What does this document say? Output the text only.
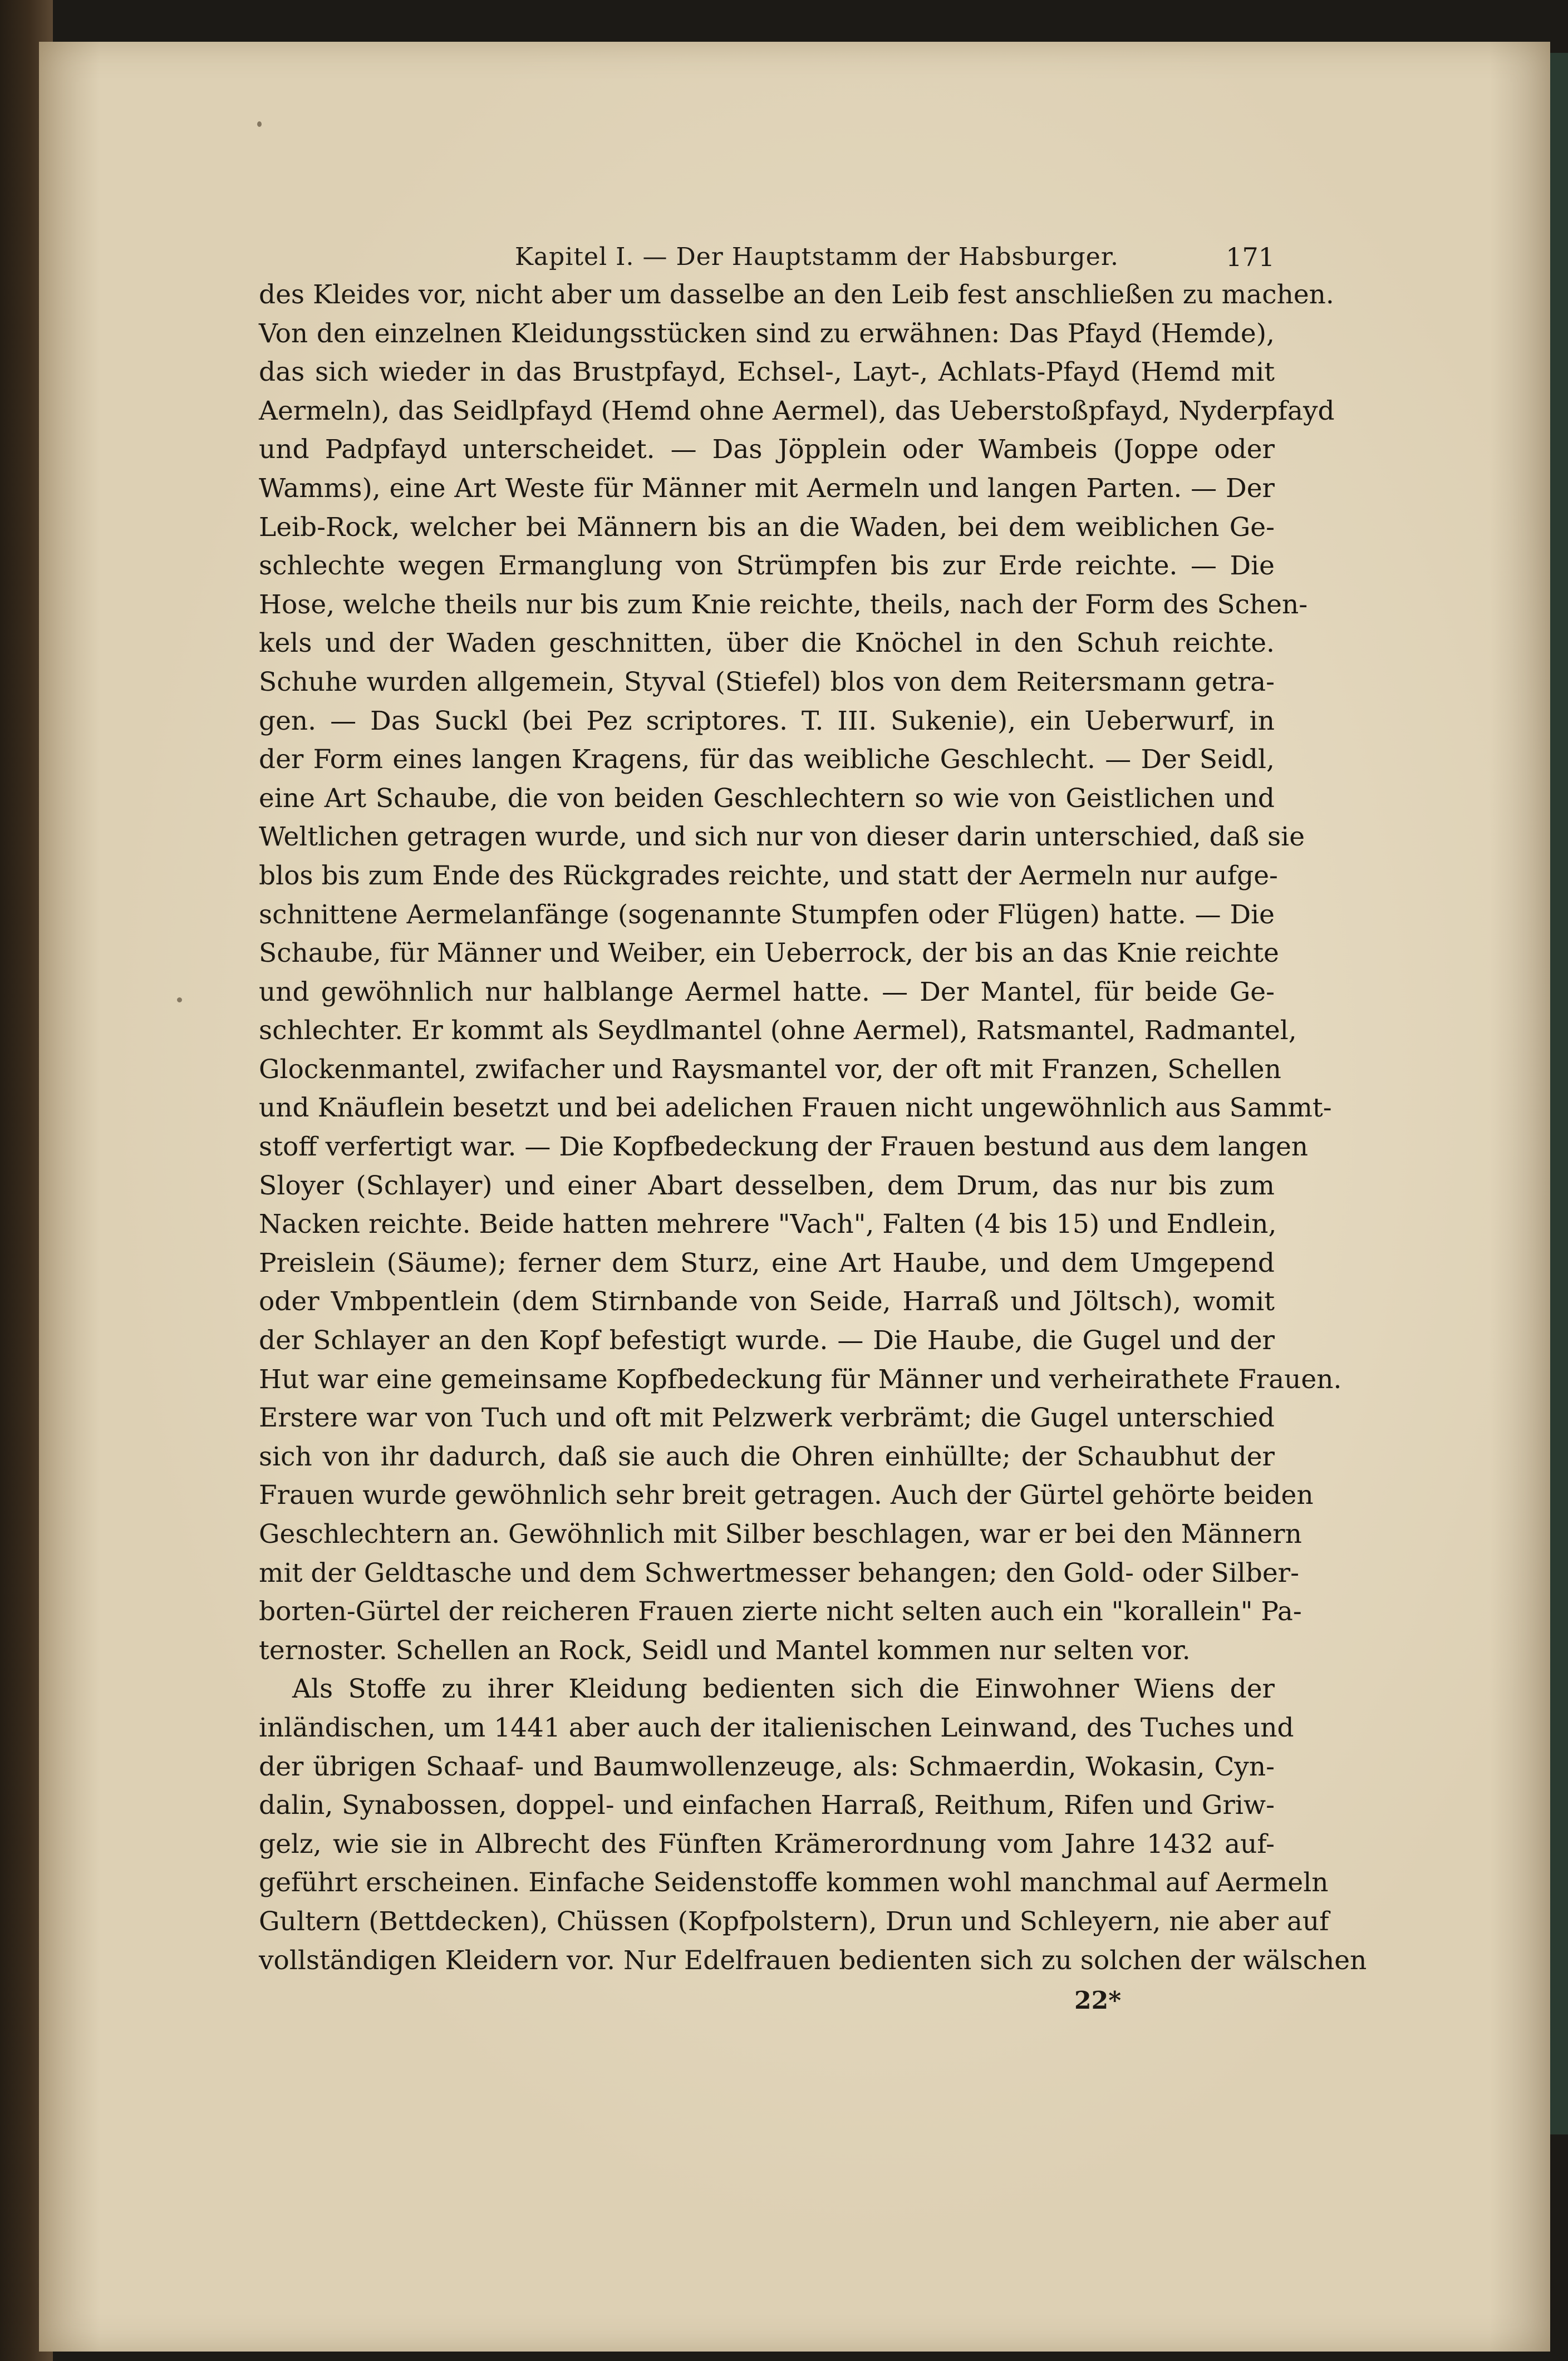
Kapitel I. — Der Hauptstamm der Habsburger.	171
des Kleides vor, nicht aber um dasselbe an den Leib fest anschließen zu machen.
Von den einzelnen Kleidungsstücken sind zu erwähnen: Das Pfayd (Hemde),
das sich wieder in das Brustpfayd, Echsel-, Layt-, Achlats-Pfayd (Hemd mit
Aermeln), das Seidlpfayd (Hemd ohne Aermel), das Ueberstoßpfayd, Nyderpfayd
und Padpfayd unterscheidet. — Das Jöpplein oder Wambeis (Joppe oder
Wamms), eine Art Weste für Männer mit Aermeln und langen Parten. — Der
Leib-Rock, welcher bei Männern bis an die Waden, bei dem weiblichen Ge-
schlechte wegen Ermanglung von Strümpfen bis zur Erde reichte. — Die
Hose, welche theils nur bis zum Knie reichte, theils, nach der Form des Schen-
kels und der Waden geschnitten, über die Knöchel in den Schuh reichte.
Schuhe wurden allgemein, Styval (Stiefel) blos von dem Reitersmann getra-
gen. — Das Suckl (bei Pez scriptores. T. III. Sukenie), ein Ueberwurf, in
der Form eines langen Kragens, für das weibliche Geschlecht. — Der Seidl,
eine Art Schaube, die von beiden Geschlechtern so wie von Geistlichen und
Weltlichen getragen wurde, und sich nur von dieser darin unterschied, daß sie
blos bis zum Ende des Rückgrades reichte, und statt der Aermeln nur aufge-
schnittene Aermelanfänge (sogenannte Stumpfen oder Flügen) hatte. — Die
Schaube, für Männer und Weiber, ein Ueberrock, der bis an das Knie reichte
und gewöhnlich nur halblange Aermel hatte. — Der Mantel, für beide Ge-
schlechter. Er kommt als Seydlmantel (ohne Aermel), Ratsmantel, Radmantel,
Glockenmantel, zwifacher und Raysmantel vor, der oft mit Franzen, Schellen
und Knäuflein besetzt und bei adelichen Frauen nicht ungewöhnlich aus Sammt-
stoff verfertigt war. — Die Kopfbedeckung der Frauen bestund aus dem langen
Sloyer (Schlayer) und einer Abart desselben, dem Drum, das nur bis zum
Nacken reichte. Beide hatten mehrere "Vach", Falten (4 bis 15) und Endlein,
Preislein (Säume); ferner dem Sturz, eine Art Haube, und dem Umgepend
oder Vmbpentlein (dem Stirnbande von Seide, Harraß und Jöltsch), womit
der Schlayer an den Kopf befestigt wurde. — Die Haube, die Gugel und der
Hut war eine gemeinsame Kopfbedeckung für Männer und verheirathete Frauen.
Erstere war von Tuch und oft mit Pelzwerk verbrämt; die Gugel unterschied
sich von ihr dadurch, daß sie auch die Ohren einhüllte; der Schaubhut der
Frauen wurde gewöhnlich sehr breit getragen. Auch der Gürtel gehörte beiden
Geschlechtern an. Gewöhnlich mit Silber beschlagen, war er bei den Männern
mit der Geldtasche und dem Schwertmesser behangen; den Gold- oder Silber-
borten-Gürtel der reicheren Frauen zierte nicht selten auch ein "korallein" Pa-
ternoster. Schellen an Rock, Seidl und Mantel kommen nur selten vor.
Als Stoffe zu ihrer Kleidung bedienten sich die Einwohner Wiens der
inländischen, um 1441 aber auch der italienischen Leinwand, des Tuches und
der übrigen Schaaf- und Baumwollenzeuge, als: Schmaerdin, Wokasin, Cyn-
dalin, Synabossen, doppel- und einfachen Harraß, Reithum, Rifen und Griw-
gelz, wie sie in Albrecht des Fünften Krämerordnung vom Jahre 1432 auf-
geführt erscheinen. Einfache Seidenstoffe kommen wohl manchmal auf Aermeln
Gultern (Bettdecken), Chüssen (Kopfpolstern), Drun und Schleyern, nie aber auf
vollständigen Kleidern vor. Nur Edelfrauen bedienten sich zu solchen der wälschen
22*
